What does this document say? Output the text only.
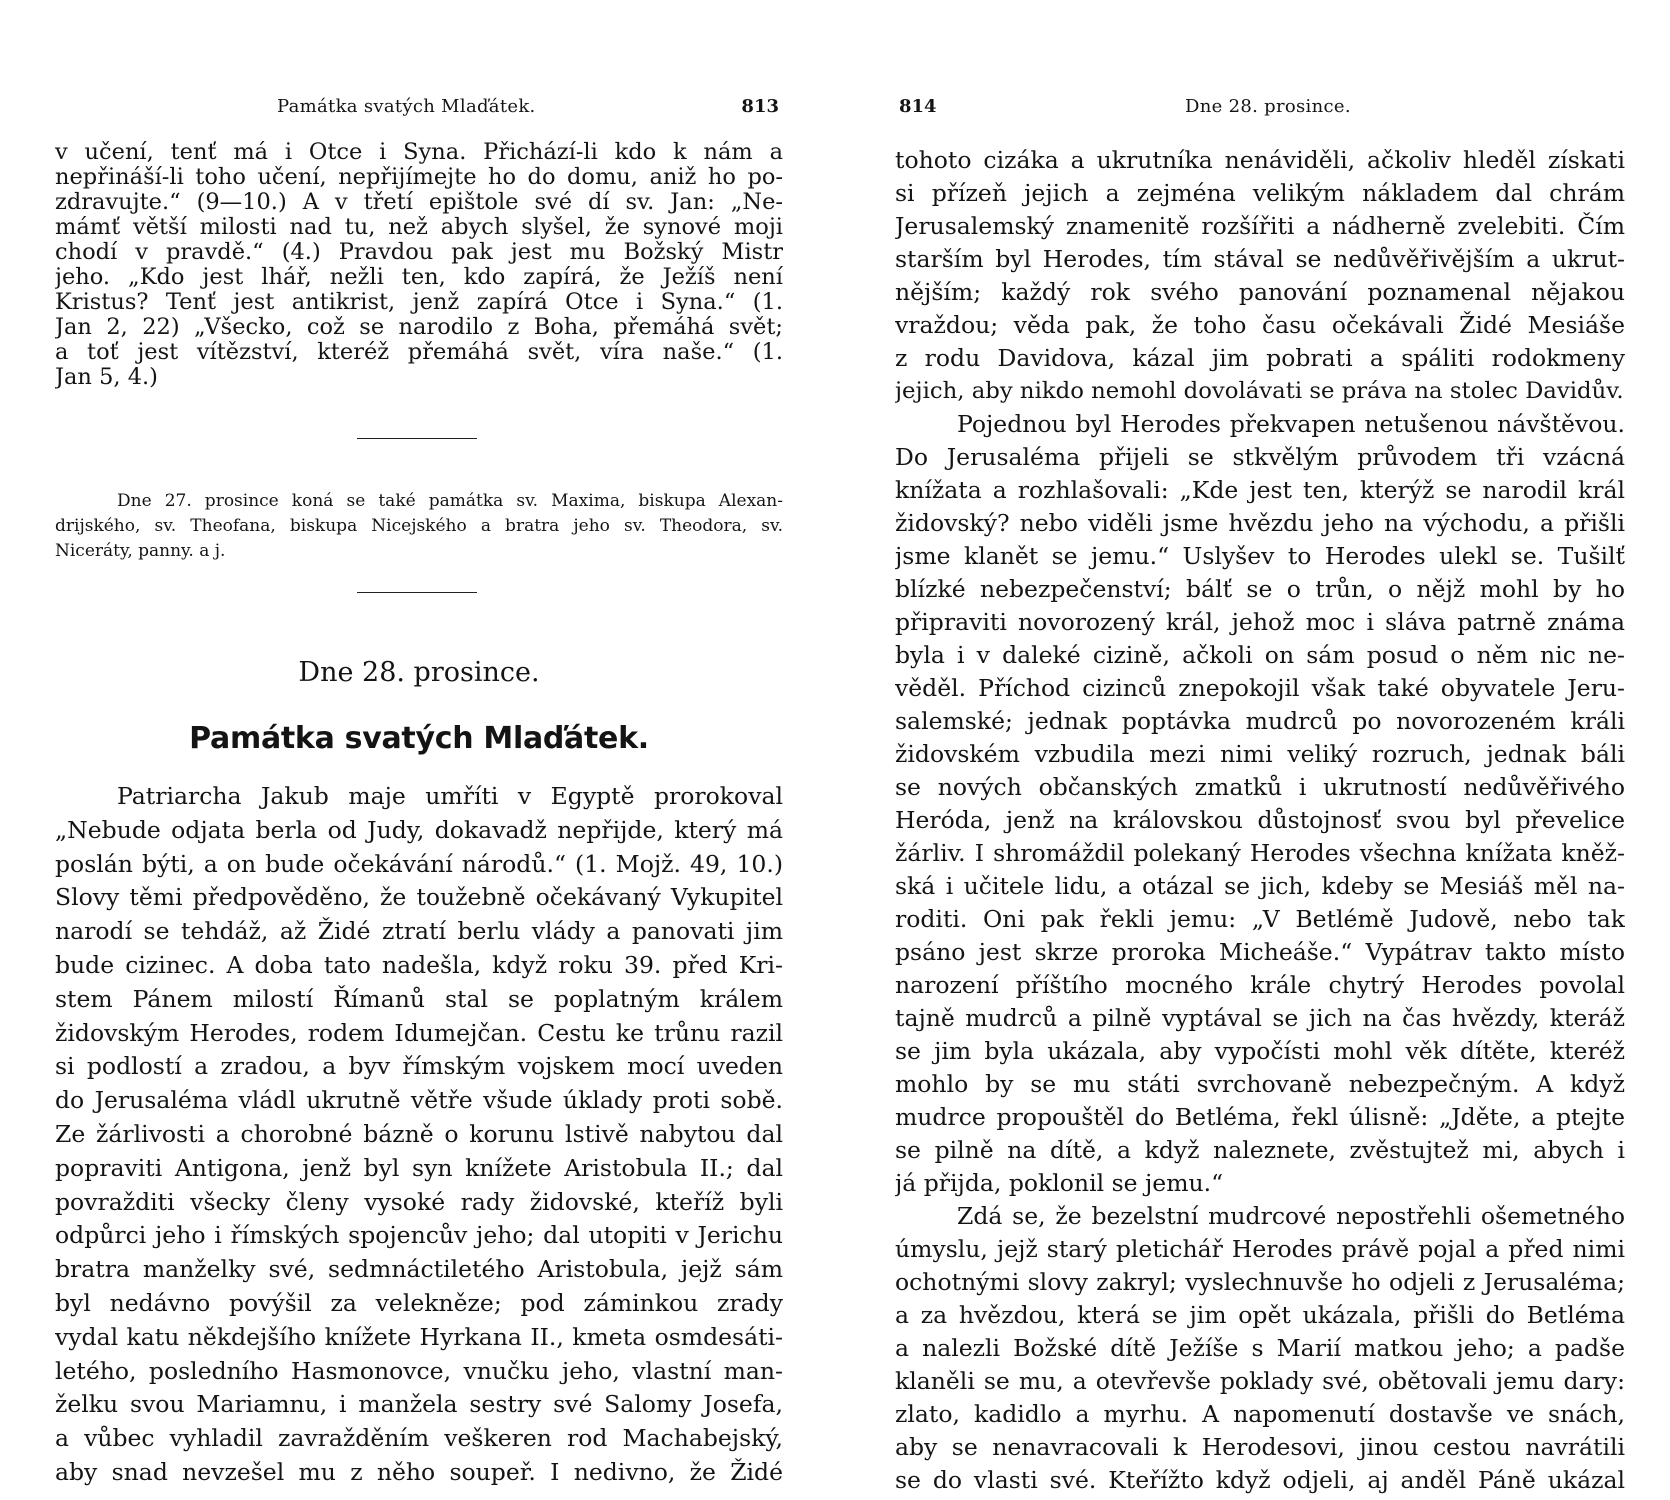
Památka svatých Mlaďátek.	813
v učení, tenť má i Otce i Syna. Přichází-li kdo k nám a
nepřináší-li toho učení, nepřijímejte ho do domu, aniž ho po-
zdravujte.“ (9—10.) A v třetí epištole své dí sv. Jan: „Ne-
mámť větší milosti nad tu, než abych slyšel, že synové moji
chodí v pravdě.“ (4.) Pravdou pak jest mu Božský Mistr
jeho. „Kdo jest lhář, nežli ten, kdo zapírá, že Ježíš není
Kristus? Tenť jest antikrist, jenž zapírá Otce i Syna.“ (1.
Jan 2, 22) „Všecko, což se narodilo z Boha, přemáhá svět;
a toť jest vítězství, kteréž přemáhá svět, víra naše.“ (1.
Jan 5, 4.)
Dne 27. prosince koná se také památka sv. Maxima, biskupa Alexan-
drijského, sv. Theofana, biskupa Nicejského a bratra jeho sv. Theodora, sv.
Niceráty, panny. a j.
Dne 28. prosince.
Památka svatých Mlaďátek.
Patriarcha Jakub maje umříti v Egyptě prorokoval
„Nebude odjata berla od Judy, dokavadž nepřijde, který má
poslán býti, a on bude očekávání národů.“ (1. Mojž. 49, 10.)
Slovy těmi předpověděno, že toužebně očekávaný Vykupitel
narodí se tehdáž, až Židé ztratí berlu vlády a panovati jim
bude cizinec. A doba tato nadešla, když roku 39. před Kri-
stem Pánem milostí Římanů stal se poplatným králem
židovským Herodes, rodem Idumejčan. Cestu ke trůnu razil
si podlostí a zradou, a byv římským vojskem mocí uveden
do Jerusaléma vládl ukrutně větře všude úklady proti sobě.
Ze žárlivosti a chorobné bázně o korunu lstivě nabytou dal
popraviti Antigona, jenž byl syn knížete Aristobula II.; dal
povražditi všecky členy vysoké rady židovské, kteříž byli
odpůrci jeho i římských spojencův jeho; dal utopiti v Jerichu
bratra manželky své, sedmnáctiletého Aristobula, jejž sám
byl nedávno povýšil za velekněze; pod záminkou zrady
vydal katu někdejšího knížete Hyrkana II., kmeta osmdesáti-
letého, posledního Hasmonovce, vnučku jeho, vlastní man-
želku svou Mariamnu, i manžela sestry své Salomy Josefa,
a vůbec vyhladil zavražděním veškeren rod Machabejský,
aby snad nevzešel mu z něho soupeř. I nedivno, že Židé
814	Dne 28. prosince.
tohoto cizáka a ukrutníka nenáviděli, ačkoliv hleděl získati
si přízeň jejich a zejména velikým nákladem dal chrám
Jerusalemský znamenitě rozšířiti a nádherně zvelebiti. Čím
starším byl Herodes, tím stával se nedůvěřivějším a ukrut-
nějším; každý rok svého panování poznamenal nějakou
vraždou; věda pak, že toho času očekávali Židé Mesiáše
z rodu Davidova, kázal jim pobrati a spáliti rodokmeny
jejich, aby nikdo nemohl dovolávati se práva na stolec Davidův.
Pojednou byl Herodes překvapen netušenou návštěvou.
Do Jerusaléma přijeli se stkvělým průvodem tři vzácná
knížata a rozhlašovali: „Kde jest ten, kterýž se narodil král
židovský? nebo viděli jsme hvězdu jeho na východu, a přišli
jsme klanět se jemu.“ Uslyšev to Herodes ulekl se. Tušilť
blízké nebezpečenství; bálť se o trůn, o nějž mohl by ho
připraviti novorozený král, jehož moc i sláva patrně známa
byla i v daleké cizině, ačkoli on sám posud o něm nic ne-
věděl. Příchod cizinců znepokojil však také obyvatele Jeru-
salemské; jednak poptávka mudrců po novorozeném králi
židovském vzbudila mezi nimi veliký rozruch, jednak báli
se nových občanských zmatků i ukrutností nedůvěřivého
Heróda, jenž na královskou důstojnosť svou byl převelice
žárliv. I shromáždil polekaný Herodes všechna knížata kněž-
ská i učitele lidu, a otázal se jich, kdeby se Mesiáš měl na-
roditi. Oni pak řekli jemu: „V Betlémě Judově, nebo tak
psáno jest skrze proroka Micheáše.“ Vypátrav takto místo
narození příštího mocného krále chytrý Herodes povolal
tajně mudrců a pilně vyptával se jich na čas hvězdy, kteráž
se jim byla ukázala, aby vypočísti mohl věk dítěte, kteréž
mohlo by se mu státi svrchovaně nebezpečným. A když
mudrce propouštěl do Betléma, řekl úlisně: „Jděte, a ptejte
se pilně na dítě, a když naleznete, zvěstujtež mi, abych i
já přijda, poklonil se jemu.“
Zdá se, že bezelstní mudrcové nepostřehli ošemetného
úmyslu, jejž starý pletichář Herodes právě pojal a před nimi
ochotnými slovy zakryl; vyslechnuvše ho odjeli z Jerusaléma;
a za hvězdou, která se jim opět ukázala, přišli do Betléma
a nalezli Božské dítě Ježíše s Marií matkou jeho; a padše
klaněli se mu, a otevřevše poklady své, obětovali jemu dary:
zlato, kadidlo a myrhu. A napomenutí dostavše ve snách,
aby se nenavracovali k Herodesovi, jinou cestou navrátili
se do vlasti své. Kteřížto když odjeli, aj anděl Páně ukázal
